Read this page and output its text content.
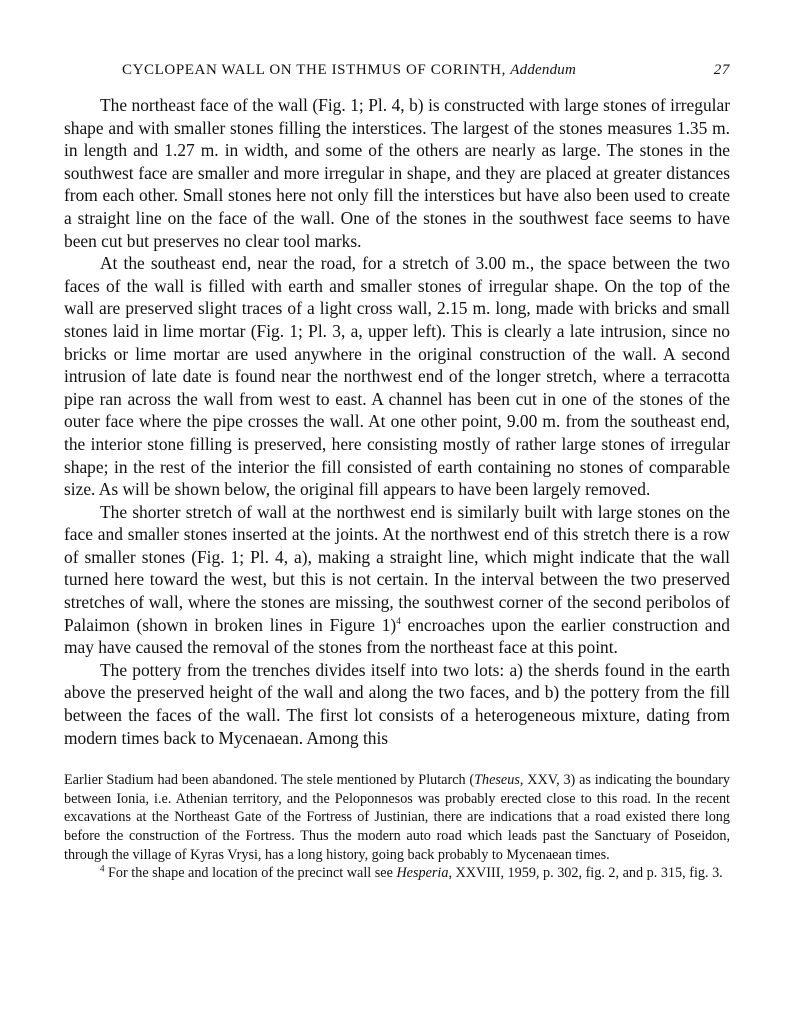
CYCLOPEAN WALL ON THE ISTHMUS OF CORINTH, Addendum	27

The northeast face of the wall (Fig. 1; Pl. 4, b) is constructed with large stones of irregular shape and with smaller stones filling the interstices. The largest of the stones measures 1.35 m. in length and 1.27 m. in width, and some of the others are nearly as large. The stones in the southwest face are smaller and more irregular in shape, and they are placed at greater distances from each other. Small stones here not only fill the interstices but have also been used to create a straight line on the face of the wall. One of the stones in the southwest face seems to have been cut but preserves no clear tool marks.

At the southeast end, near the road, for a stretch of 3.00 m., the space between the two faces of the wall is filled with earth and smaller stones of irregular shape. On the top of the wall are preserved slight traces of a light cross wall, 2.15 m. long, made with bricks and small stones laid in lime mortar (Fig. 1; Pl. 3, a, upper left). This is clearly a late intrusion, since no bricks or lime mortar are used anywhere in the original construction of the wall. A second intrusion of late date is found near the northwest end of the longer stretch, where a terracotta pipe ran across the wall from west to east. A channel has been cut in one of the stones of the outer face where the pipe crosses the wall. At one other point, 9.00 m. from the southeast end, the interior stone filling is preserved, here consisting mostly of rather large stones of irregular shape; in the rest of the interior the fill consisted of earth containing no stones of comparable size. As will be shown below, the original fill appears to have been largely removed.

The shorter stretch of wall at the northwest end is similarly built with large stones on the face and smaller stones inserted at the joints. At the northwest end of this stretch there is a row of smaller stones (Fig. 1; Pl. 4, a), making a straight line, which might indicate that the wall turned here toward the west, but this is not certain. In the interval between the two preserved stretches of wall, where the stones are missing, the southwest corner of the second peribolos of Palaimon (shown in broken lines in Figure 1)$^4$ encroaches upon the earlier construction and may have caused the removal of the stones from the northeast face at this point.

The pottery from the trenches divides itself into two lots: a) the sherds found in the earth above the preserved height of the wall and along the two faces, and b) the pottery from the fill between the faces of the wall. The first lot consists of a heterogeneous mixture, dating from modern times back to Mycenaean. Among this

Earlier Stadium had been abandoned. The stele mentioned by Plutarch (Theseus, XXV, 3) as indicating the boundary between Ionia, i.e. Athenian territory, and the Peloponnesos was probably erected close to this road. In the recent excavations at the Northeast Gate of the Fortress of Justinian, there are indications that a road existed there long before the construction of the Fortress. Thus the modern auto road which leads past the Sanctuary of Poseidon, through the village of Kyras Vrysi, has a long history, going back probably to Mycenaean times.

$^4$ For the shape and location of the precinct wall see Hesperia, XXVIII, 1959, p. 302, fig. 2, and p. 315, fig. 3.
